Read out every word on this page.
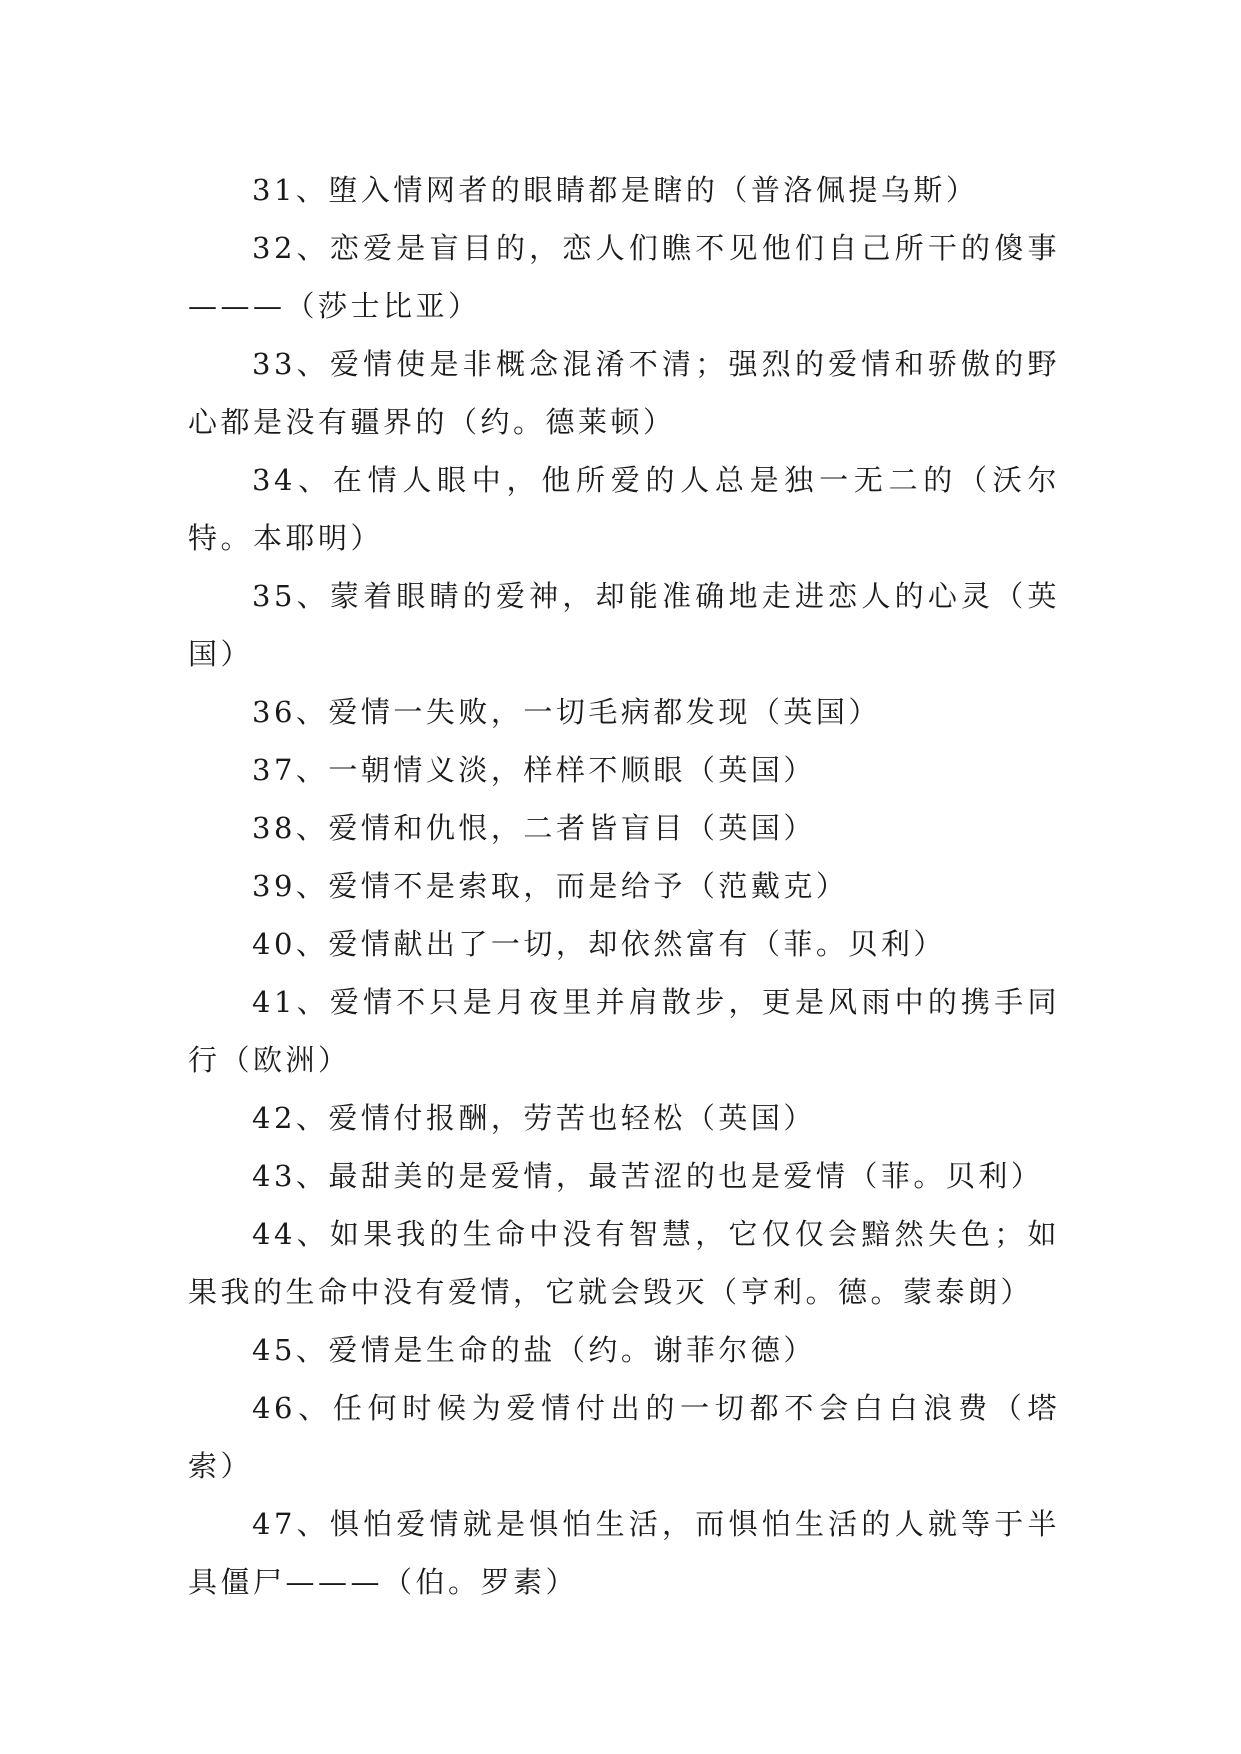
31、堕入情网者的眼睛都是瞎的（普洛佩提乌斯）

32、恋爱是盲目的，恋人们瞧不见他们自己所干的傻事———（莎士比亚）

33、爱情使是非概念混淆不清；强烈的爱情和骄傲的野心都是没有疆界的（约。德莱顿）

34、在情人眼中，他所爱的人总是独一无二的（沃尔特。本耶明）

35、蒙着眼睛的爱神，却能准确地走进恋人的心灵（英国）

36、爱情一失败，一切毛病都发现（英国）

37、一朝情义淡，样样不顺眼（英国）

38、爱情和仇恨，二者皆盲目（英国）

39、爱情不是索取，而是给予（范戴克）

40、爱情献出了一切，却依然富有（菲。贝利）

41、爱情不只是月夜里并肩散步，更是风雨中的携手同行（欧洲）

42、爱情付报酬，劳苦也轻松（英国）

43、最甜美的是爱情，最苦涩的也是爱情（菲。贝利）

44、如果我的生命中没有智慧，它仅仅会黯然失色；如果我的生命中没有爱情，它就会毁灭（亨利。德。蒙泰朗）

45、爱情是生命的盐（约。谢菲尔德）

46、任何时候为爱情付出的一切都不会白白浪费（塔索）

47、惧怕爱情就是惧怕生活，而惧怕生活的人就等于半具僵尸———（伯。罗素）
